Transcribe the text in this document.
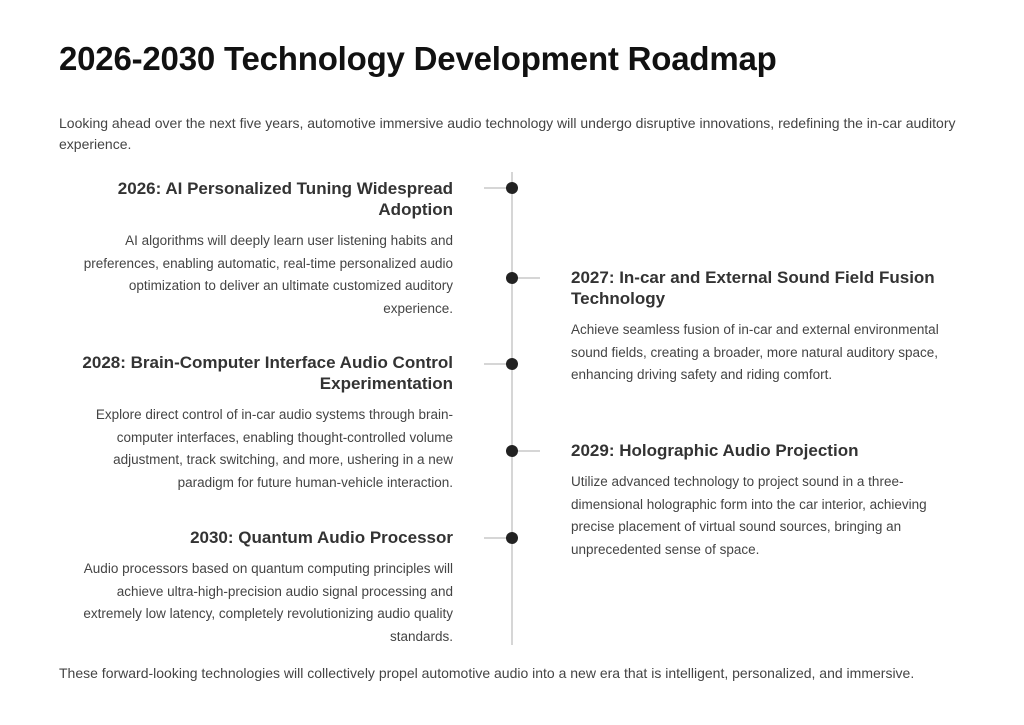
2026-2030 Technology Development Roadmap
Looking ahead over the next five years, automotive immersive audio technology will undergo disruptive innovations, redefining the in-car auditory experience.
2026: AI Personalized Tuning Widespread Adoption

AI algorithms will deeply learn user listening habits and preferences, enabling automatic, real-time personalized audio optimization to deliver an ultimate customized auditory experience.

2027: In-car and External Sound Field Fusion Technology

Achieve seamless fusion of in-car and external environmental sound fields, creating a broader, more natural auditory space, enhancing driving safety and riding comfort.

2028: Brain-Computer Interface Audio Control Experimentation

Explore direct control of in-car audio systems through brain-computer interfaces, enabling thought-controlled volume adjustment, track switching, and more, ushering in a new paradigm for future human-vehicle interaction.

2029: Holographic Audio Projection

Utilize advanced technology to project sound in a three-dimensional holographic form into the car interior, achieving precise placement of virtual sound sources, bringing an unprecedented sense of space.

2030: Quantum Audio Processor

Audio processors based on quantum computing principles will achieve ultra-high-precision audio signal processing and extremely low latency, completely revolutionizing audio quality standards.

These forward-looking technologies will collectively propel automotive audio into a new era that is intelligent, personalized, and immersive.
